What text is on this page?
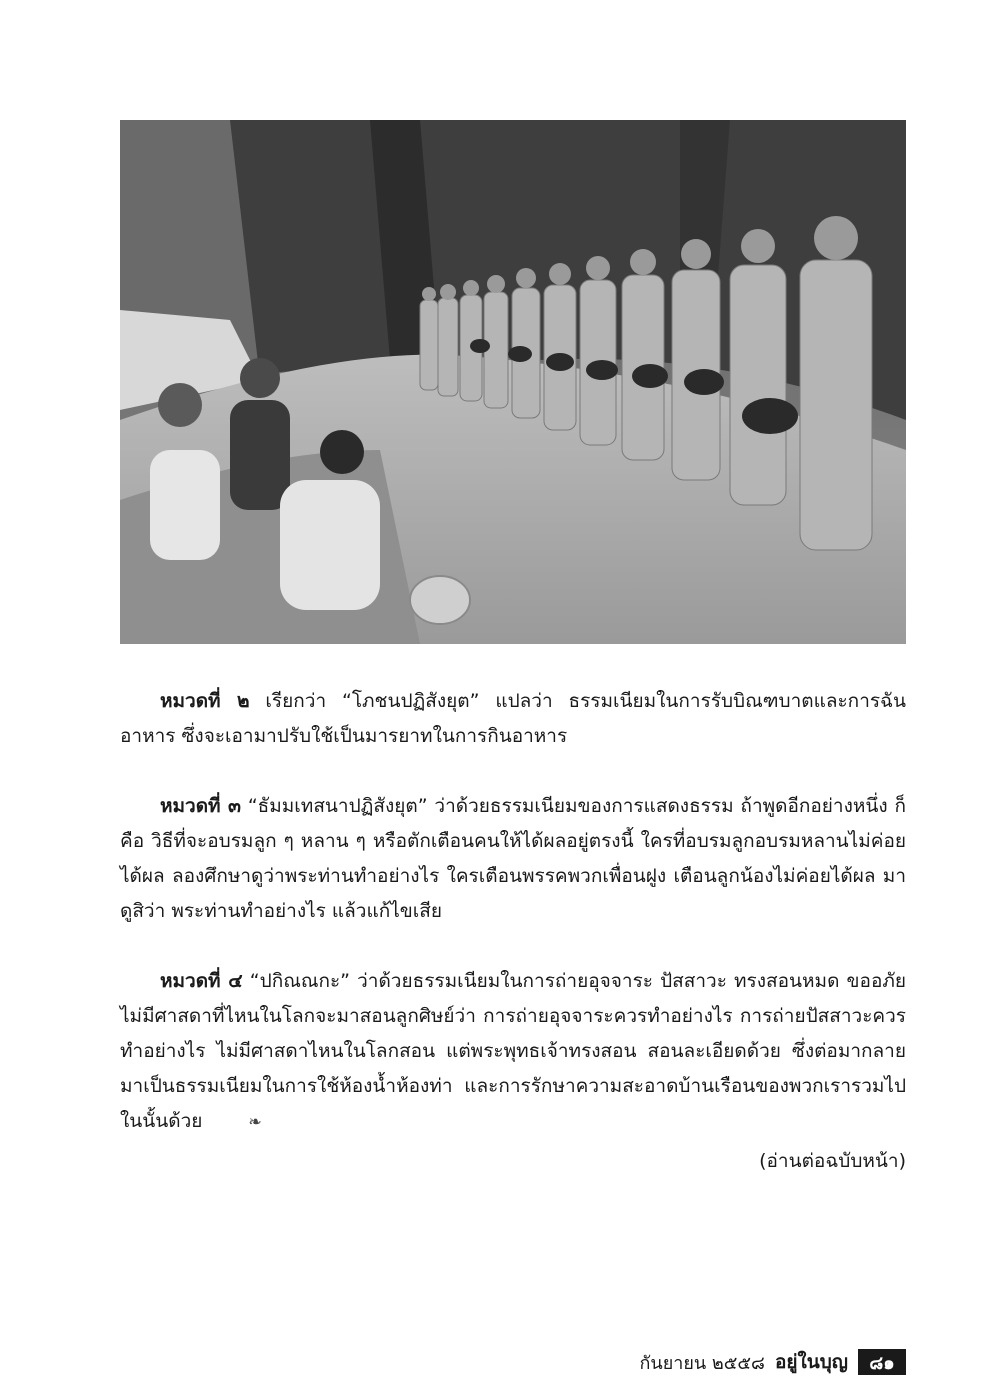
หมวดที่ ๒ เรียกว่า “โภชนปฏิสังยุต” แปลว่า ธรรมเนียมในการรับบิณฑบาตและการฉันอาหาร ซึ่งจะเอามาปรับใช้เป็นมารยาทในการกินอาหาร

หมวดที่ ๓ “ธัมมเทสนาปฏิสังยุต” ว่าด้วยธรรมเนียมของการแสดงธรรม ถ้าพูดอีกอย่างหนึ่ง ก็คือ วิธีที่จะอบรมลูก ๆ หลาน ๆ หรือตักเตือนคนให้ได้ผลอยู่ตรงนี้ ใครที่อบรมลูกอบรมหลานไม่ค่อยได้ผล ลองศึกษาดูว่าพระท่านทำอย่างไร ใครเตือนพรรคพวกเพื่อนฝูง เตือนลูกน้องไม่ค่อยได้ผล มาดูสิว่า พระท่านทำอย่างไร แล้วแก้ไขเสีย

หมวดที่ ๔ “ปกิณณกะ” ว่าด้วยธรรมเนียมในการถ่ายอุจจาระ ปัสสาวะ ทรงสอนหมด ขออภัย ไม่มีศาสดาที่ไหนในโลกจะมาสอนลูกศิษย์ว่า การถ่ายอุจจาระควรทำอย่างไร การถ่ายปัสสาวะควรทำอย่างไร ไม่มีศาสดาไหนในโลกสอน แต่พระพุทธเจ้าทรงสอน สอนละเอียดด้วย ซึ่งต่อมากลายมาเป็นธรรมเนียมในการใช้ห้องน้ำห้องท่า และการรักษาความสะอาดบ้านเรือนของพวกเรารวมไปในนั้นด้วย	❧

(อ่านต่อฉบับหน้า)
กันยายน ๒๕๕๘ อยู่ในบุญ	๘๑
